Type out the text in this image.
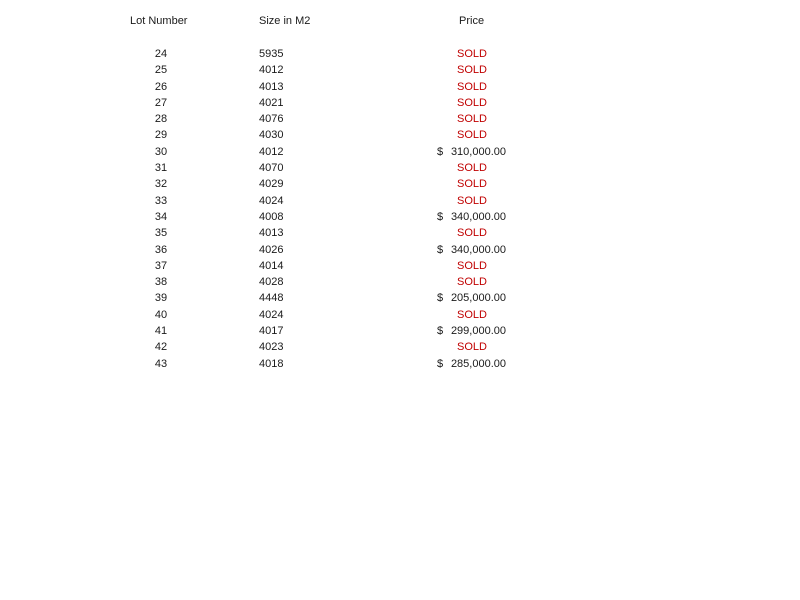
Lot Number	Size in M2	Price
24	5935	SOLD
25	4012	SOLD
26	4013	SOLD
27	4021	SOLD
28	4076	SOLD
29	4030	SOLD
30	4012	$ 310,000.00
31	4070	SOLD
32	4029	SOLD
33	4024	SOLD
34	4008	$ 340,000.00
35	4013	SOLD
36	4026	$ 340,000.00
37	4014	SOLD
38	4028	SOLD
39	4448	$ 205,000.00
40	4024	SOLD
41	4017	$ 299,000.00
42	4023	SOLD
43	4018	$ 285,000.00
